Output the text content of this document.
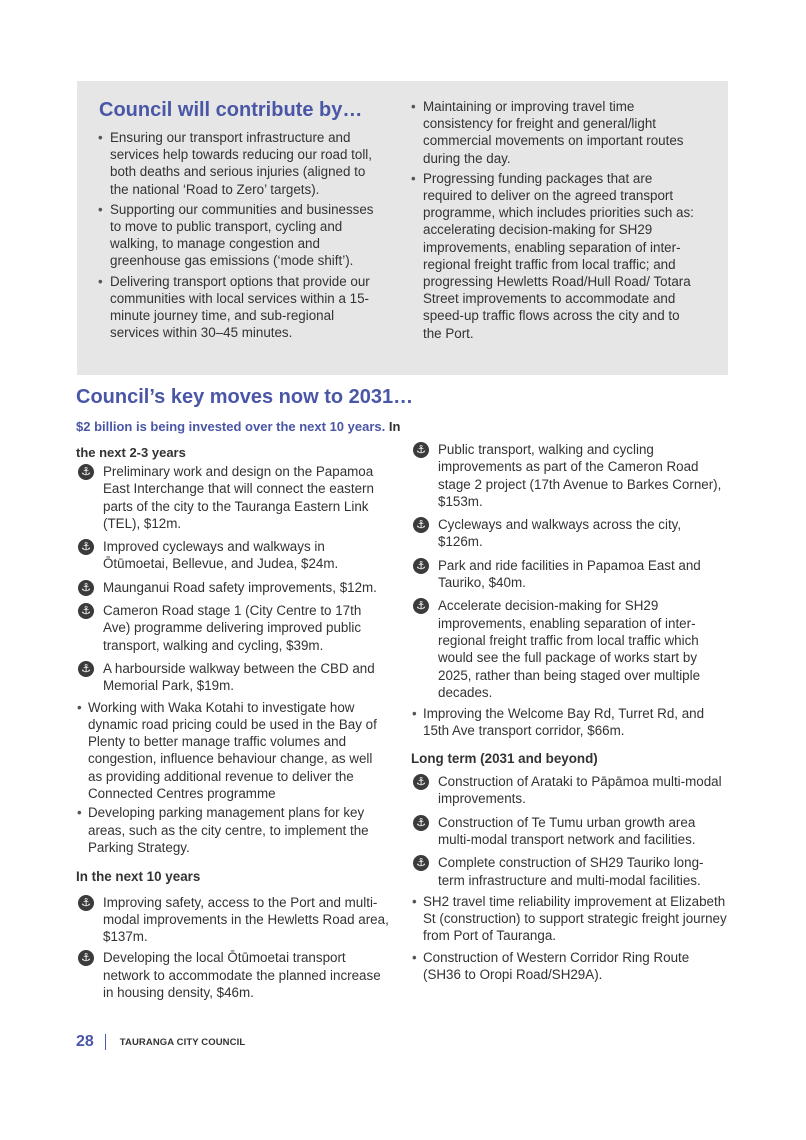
Council will contribute by…
• Ensuring our transport infrastructure and services help towards reducing our road toll, both deaths and serious injuries (aligned to the national ‘Road to Zero’ targets).
• Supporting our communities and businesses to move to public transport, cycling and walking, to manage congestion and greenhouse gas emissions (‘mode shift’).
• Delivering transport options that provide our communities with local services within a 15-minute journey time, and sub-regional services within 30–45 minutes.
• Maintaining or improving travel time consistency for freight and general/light commercial movements on important routes during the day.
• Progressing funding packages that are required to deliver on the agreed transport programme, which includes priorities such as: accelerating decision-making for SH29 improvements, enabling separation of inter-regional freight traffic from local traffic; and progressing Hewletts Road/Hull Road/ Totara Street improvements to accommodate and speed-up traffic flows across the city and to the Port.
Council’s key moves now to 2031…
$2 billion is being invested over the next 10 years. In the next 2-3 years
⚓ Preliminary work and design on the Papamoa East Interchange that will connect the eastern parts of the city to the Tauranga Eastern Link (TEL), $12m.
⚓ Improved cycleways and walkways in Ōtūmoetai, Bellevue, and Judea, $24m.
⚓ Maunganui Road safety improvements, $12m.
⚓ Cameron Road stage 1 (City Centre to 17th Ave) programme delivering improved public transport, walking and cycling, $39m.
⚓ A harbourside walkway between the CBD and Memorial Park, $19m.
• Working with Waka Kotahi to investigate how dynamic road pricing could be used in the Bay of Plenty to better manage traffic volumes and congestion, influence behaviour change, as well as providing additional revenue to deliver the Connected Centres programme
• Developing parking management plans for key areas, such as the city centre, to implement the Parking Strategy.

In the next 10 years

⚓ Improving safety, access to the Port and multi-modal improvements in the Hewletts Road area, $137m.
⚓ Developing the local Ōtūmoetai transport network to accommodate the planned increase in housing density, $46m.
⚓ Public transport, walking and cycling improvements as part of the Cameron Road stage 2 project (17th Avenue to Barkes Corner), $153m.
⚓ Cycleways and walkways across the city, $126m.
⚓ Park and ride facilities in Papamoa East and Tauriko, $40m.
⚓ Accelerate decision-making for SH29 improvements, enabling separation of inter-regional freight traffic from local traffic which would see the full package of works start by 2025, rather than being staged over multiple decades.
• Improving the Welcome Bay Rd, Turret Rd, and 15th Ave transport corridor, $66m.

Long term (2031 and beyond)

⚓ Construction of Arataki to Pāpāmoa multi-modal improvements.
⚓ Construction of Te Tumu urban growth area multi-modal transport network and facilities.
⚓ Complete construction of SH29 Tauriko long-term infrastructure and multi-modal facilities.
• SH2 travel time reliability improvement at Elizabeth St (construction) to support strategic freight journey from Port of Tauranga.
• Construction of Western Corridor Ring Route (SH36 to Oropi Road/SH29A).
28	TAURANGA CITY COUNCIL
